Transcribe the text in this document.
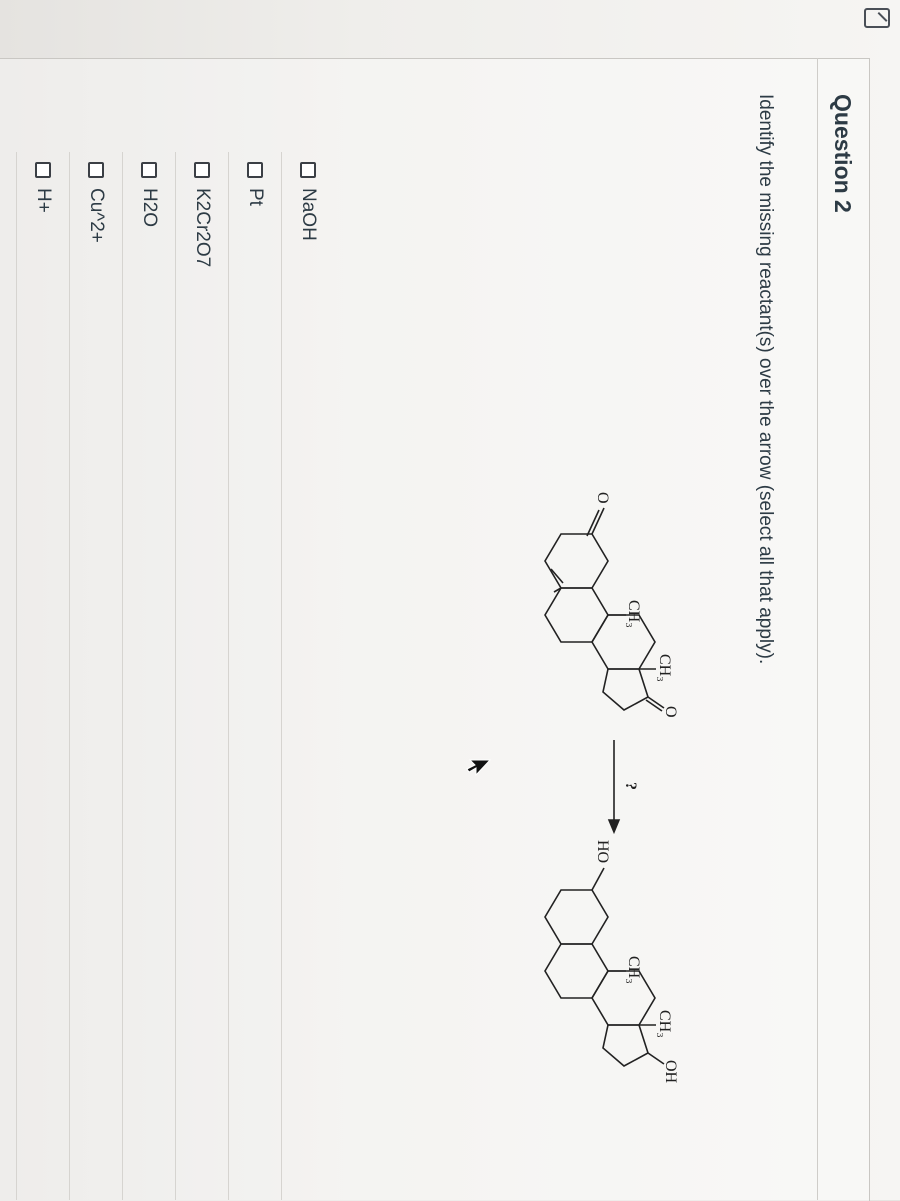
Question 2
Identify the missing reactant(s) over the arrow (select all that apply).
O
CH₃
CH₃
O
?
HO
CH₃
CH₃
OH
NaOH
Pt
K2Cr2O7
H2O
Cu^2+
H+
